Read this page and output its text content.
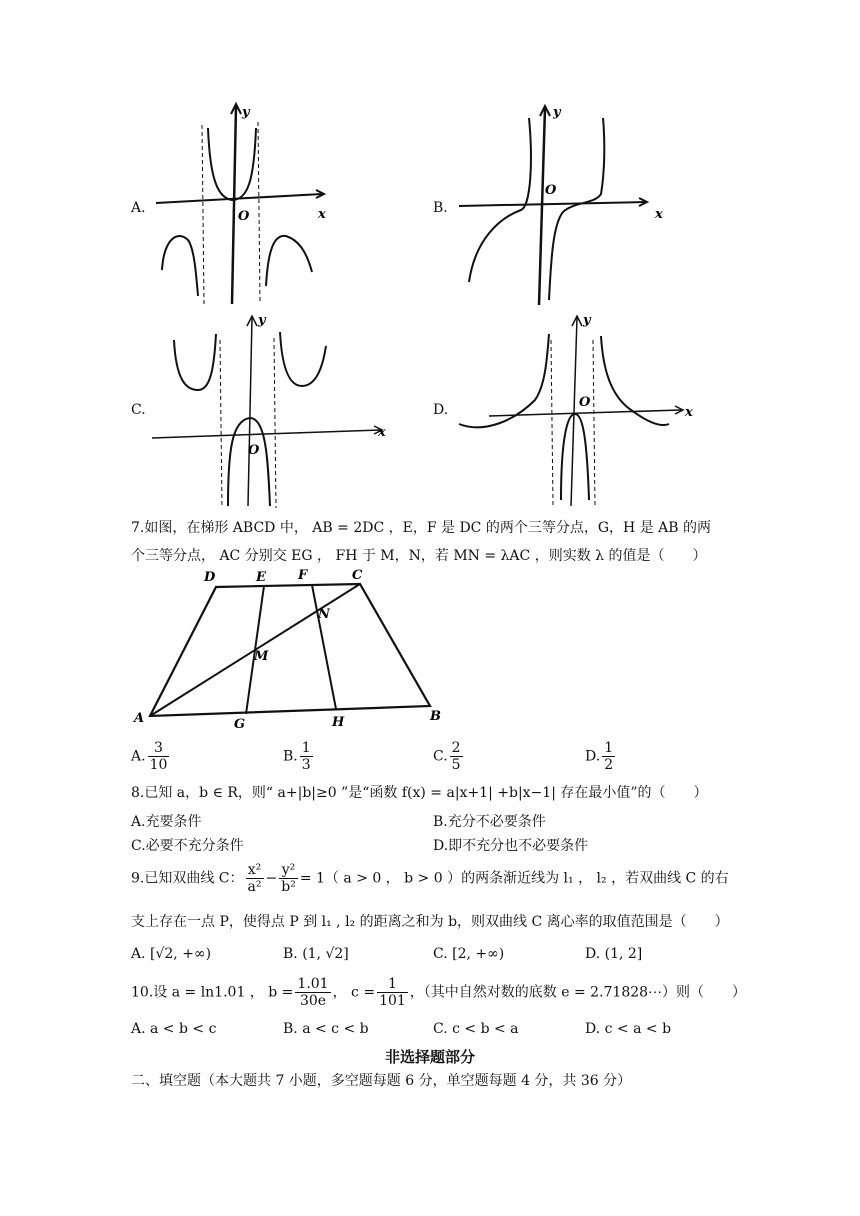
A.	B.
C.	D.
y
x
O
y
x
O
y
x
O
y
x
O
7.如图，在梯形 ABCD 中， AB = 2DC ，E，F 是 DC 的两个三等分点，G，H 是 AB 的两
个三等分点， AC 分别交 EG ， FH 于 M，N，若 MN = λAC ，则实数 λ 的值是（　　）
D	E F	C
N
M
A	G	H	B
A. $\frac{3}{10}$	B. $\frac{1}{3}$	C. $\frac{2}{5}$	D. $\frac{1}{2}$
8.已知 a，b ∈ R，则“ a+|b|≥0 ”是“函数 f(x) = a|x+1| +b|x−1| 存在最小值”的（　　）
A.充要条件	B.充分不必要条件
C.必要不充分条件	D.即不充分也不必要条件
9.已知双曲线 C： $\frac{\text{x²}}{\text{a²}} - \frac{\text{y²}}{\text{b²}} = 1$（ a > 0 ， b > 0 ）的两条渐近线为 l₁ ， l₂ ，若双曲线 C 的右
支上存在一点 P，使得点 P 到 l₁ , l₂ 的距离之和为 b，则双曲线 C 离心率的取值范围是（　　）
A. [√2, +∞)	B. (1, √2]	C. [2, +∞)	D. (1, 2]
10.设 a = ln1.01 ， $b = \frac{1.01}{30e}$ ， $c = \frac{1}{101}$ ，（其中自然对数的底数 e = 2.71828⋯）则（　　）
A. a < b < c	B. a < c < b	C. c < b < a	D. c < a < b
非选择题部分
二、填空题（本大题共 7 小题，多空题每题 6 分，单空题每题 4 分，共 36 分）
